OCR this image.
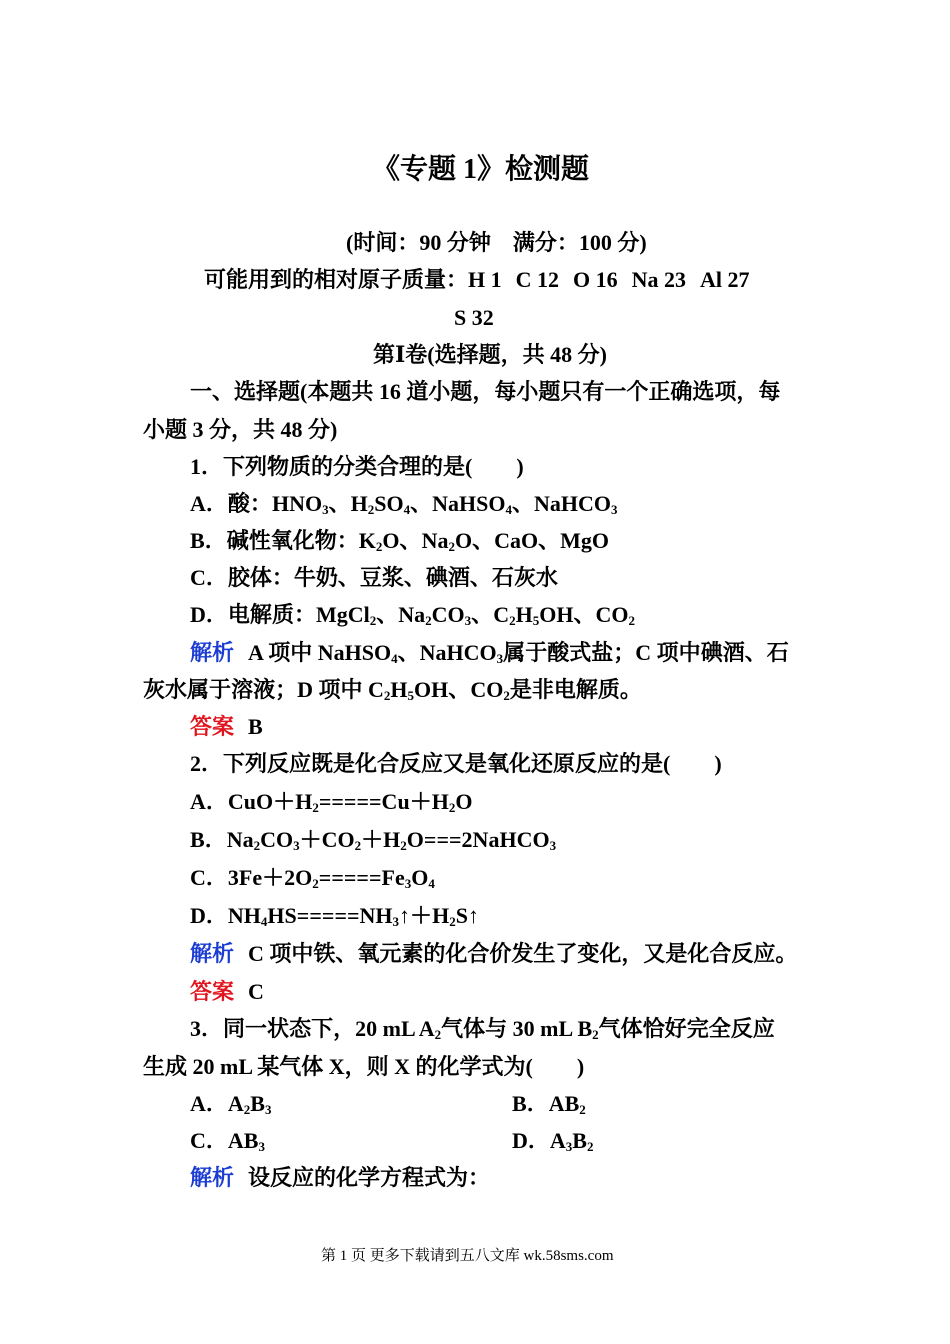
《专题 1》检测题
(时间：90 分钟　满分：100 分)
可能用到的相对原子质量：H 1 C 12 O 16 Na 23 Al 27
S 32
第Ⅰ卷(选择题，共 48 分)
一、选择题(本题共 16 道小题，每小题只有一个正确选项，每
小题 3 分，共 48 分)
1．下列物质的分类合理的是(　　)
A．酸：$HNO_3$、$H_2SO_4$、NaHSO$_4$、NaHCO$_3$
B．碱性氧化物：$K_2O$、$Na_2O$、CaO、MgO
C．胶体：牛奶、豆浆、碘酒、石灰水
D．电解质：MgCl$_2$、$Na_2CO_3$、$C_2H_5OH$、$CO_2$
解析 A 项中 NaHSO$_4$、NaHCO$_3$属于酸式盐；C 项中碘酒、石
灰水属于溶液；D 项中 $C_2H_5OH$、$CO_2$是非电解质。
答案 B
2．下列反应既是化合反应又是氧化还原反应的是(　　)
A．$CuO+H_2=====Cu+H_2O$
B．$Na_2CO_3+CO_2+H_2O===2NaHCO_3$
C．$3Fe+2O_2=====Fe_3O_4$
D．$NH_4HS=====NH_3↑+H_2S↑$
解析 C 项中铁、氧元素的化合价发生了变化，又是化合反应。
答案 C
3．同一状态下，20 mL $A_2$气体与 30 mL $B_2$气体恰好完全反应
生成 20 mL 某气体 X，则 X 的化学式为(　　)
A．$A_2B_3$	B．$AB_2$
C．$AB_3$	D．$A_3B_2$
解析 设反应的化学方程式为：
第 1 页 更多下载请到五八文库 wk.58sms.com
